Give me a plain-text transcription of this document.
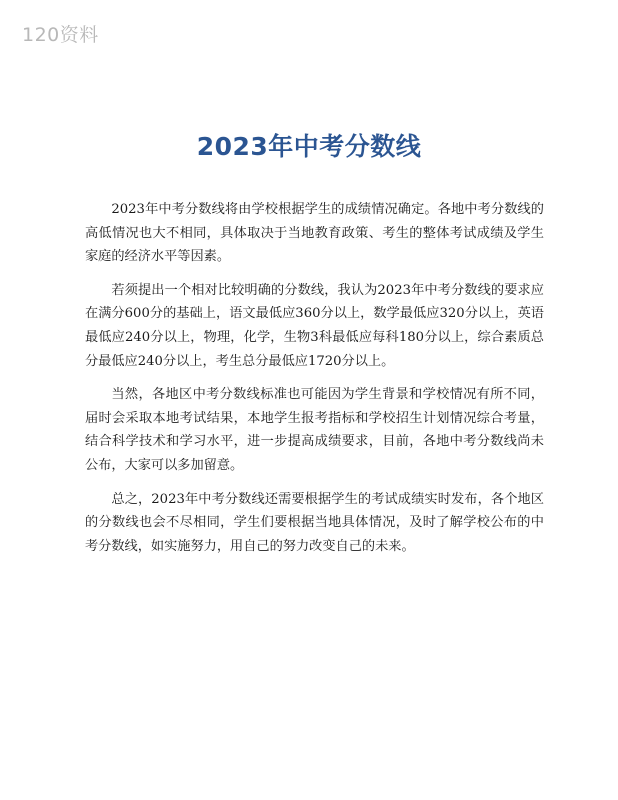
120资料
2023年中考分数线

2023年中考分数线将由学校根据学生的成绩情况确定。各地中考分数线的高低情况也大不相同，具体取决于当地教育政策、考生的整体考试成绩及学生家庭的经济水平等因素。

若须提出一个相对比较明确的分数线，我认为2023年中考分数线的要求应在满分600分的基础上，语文最低应360分以上，数学最低应320分以上，英语最低应240分以上，物理，化学，生物3科最低应每科180分以上，综合素质总分最低应240分以上，考生总分最低应1720分以上。

当然，各地区中考分数线标准也可能因为学生背景和学校情况有所不同，届时会采取本地考试结果，本地学生报考指标和学校招生计划情况综合考量，结合科学技术和学习水平，进一步提高成绩要求，目前，各地中考分数线尚未公布，大家可以多加留意。

总之，2023年中考分数线还需要根据学生的考试成绩实时发布，各个地区的分数线也会不尽相同，学生们要根据当地具体情况，及时了解学校公布的中考分数线，如实施努力，用自己的努力改变自己的未来。
